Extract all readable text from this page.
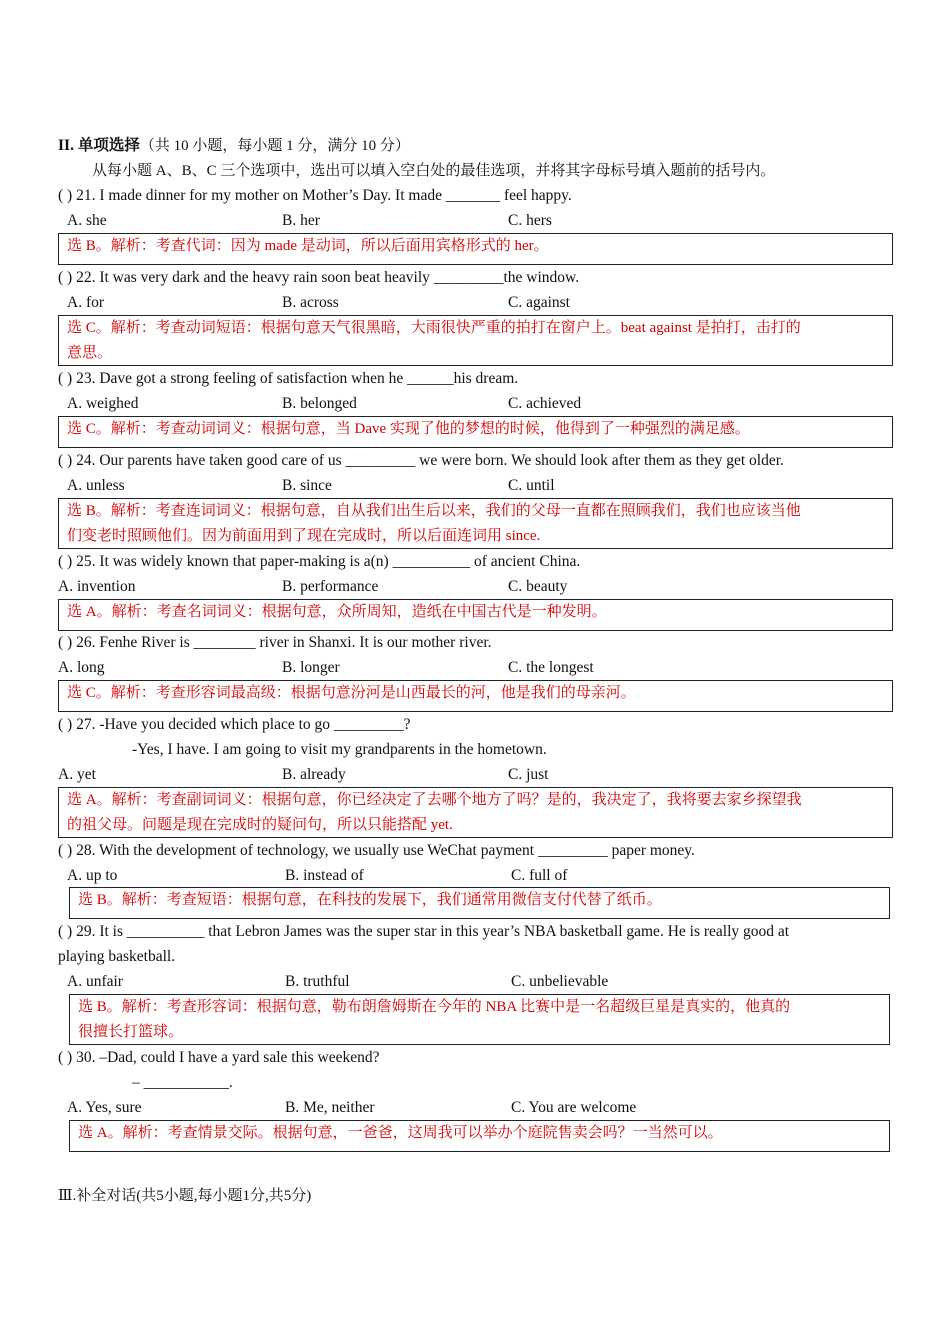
II. 单项选择（共 10 小题，每小题 1 分，满分 10 分）
从每小题 A、B、C 三个选项中，选出可以填入空白处的最佳选项，并将其字母标号填入题前的括号内。
( ) 21. I made dinner for my mother on Mother’s Day. It made _______ feel happy.
A. she	B. her	C. hers
选 B。解析：考查代词：因为 made 是动词，所以后面用宾格形式的 her。
( ) 22. It was very dark and the heavy rain soon beat heavily _________the window.
A. for	B. across	C. against
选 C。解析：考查动词短语：根据句意天气很黑暗，大雨很快严重的拍打在窗户上。beat against 是拍打，击打的
意思。
( ) 23. Dave got a strong feeling of satisfaction when he ______his dream.
A. weighed	B. belonged	C. achieved
选 C。解析：考查动词词义：根据句意，当 Dave 实现了他的梦想的时候，他得到了一种强烈的满足感。
( ) 24. Our parents have taken good care of us _________ we were born. We should look after them as they get older.
A. unless	B. since	C. until
选 B。解析：考查连词词义：根据句意，自从我们出生后以来，我们的父母一直都在照顾我们，我们也应该当他
们变老时照顾他们。因为前面用到了现在完成时，所以后面连词用 since.
( ) 25. It was widely known that paper-making is a(n) __________ of ancient China.
A. invention	B. performance	C. beauty
选 A。解析：考查名词词义：根据句意，众所周知，造纸在中国古代是一种发明。
( ) 26. Fenhe River is ________ river in Shanxi. It is our mother river.
A. long	B. longer	C. the longest
选 C。解析：考查形容词最高级：根据句意汾河是山西最长的河，他是我们的母亲河。
( ) 27. -Have you decided which place to go _________?
-Yes, I have. I am going to visit my grandparents in the hometown.
A. yet	B. already	C. just
选 A。解析：考查副词词义：根据句意，你已经决定了去哪个地方了吗？是的，我决定了，我将要去家乡探望我
的祖父母。问题是现在完成时的疑问句，所以只能搭配 yet.
( ) 28. With the development of technology, we usually use WeChat payment _________ paper money.
A. up to	B. instead of	C. full of
选 B。解析：考查短语：根据句意，在科技的发展下，我们通常用微信支付代替了纸币。
( ) 29. It is __________ that Lebron James was the super star in this year’s NBA basketball game. He is really good at
playing basketball.
A. unfair	B. truthful	C. unbelievable
选 B。解析：考查形容词：根据句意，勒布朗詹姆斯在今年的 NBA 比赛中是一名超级巨星是真实的，他真的
很擅长打篮球。
( ) 30. –Dad, could I have a yard sale this weekend?
– ___________.
A. Yes, sure	B. Me, neither	C. You are welcome
选 A。解析：考查情景交际。根据句意，一爸爸，这周我可以举办个庭院售卖会吗？一当然可以。
Ⅲ.补全对话(共5小题,每小题1分,共5分)
